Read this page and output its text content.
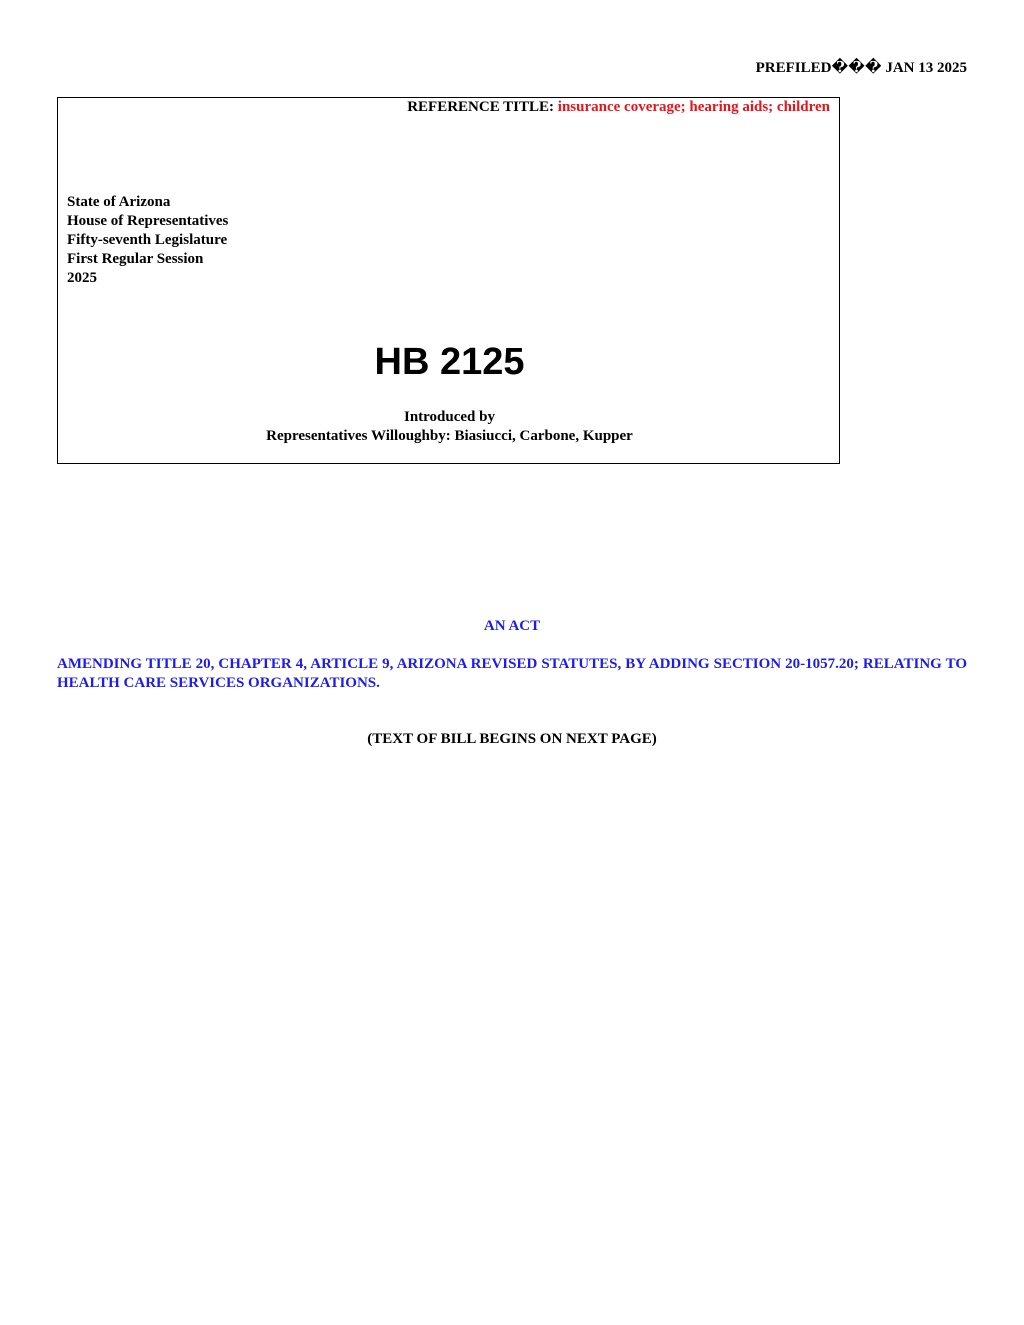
PREFILED��� JAN 13 2025
REFERENCE TITLE: insurance coverage; hearing aids; children
State of Arizona
House of Representatives
Fifty-seventh Legislature
First Regular Session
2025
HB 2125
Introduced by
Representatives Willoughby: Biasiucci, Carbone, Kupper
AN ACT
AMENDING TITLE 20, CHAPTER 4, ARTICLE 9, ARIZONA REVISED STATUTES, BY ADDING SECTION 20-1057.20; RELATING TO HEALTH CARE SERVICES ORGANIZATIONS.
(TEXT OF BILL BEGINS ON NEXT PAGE)
